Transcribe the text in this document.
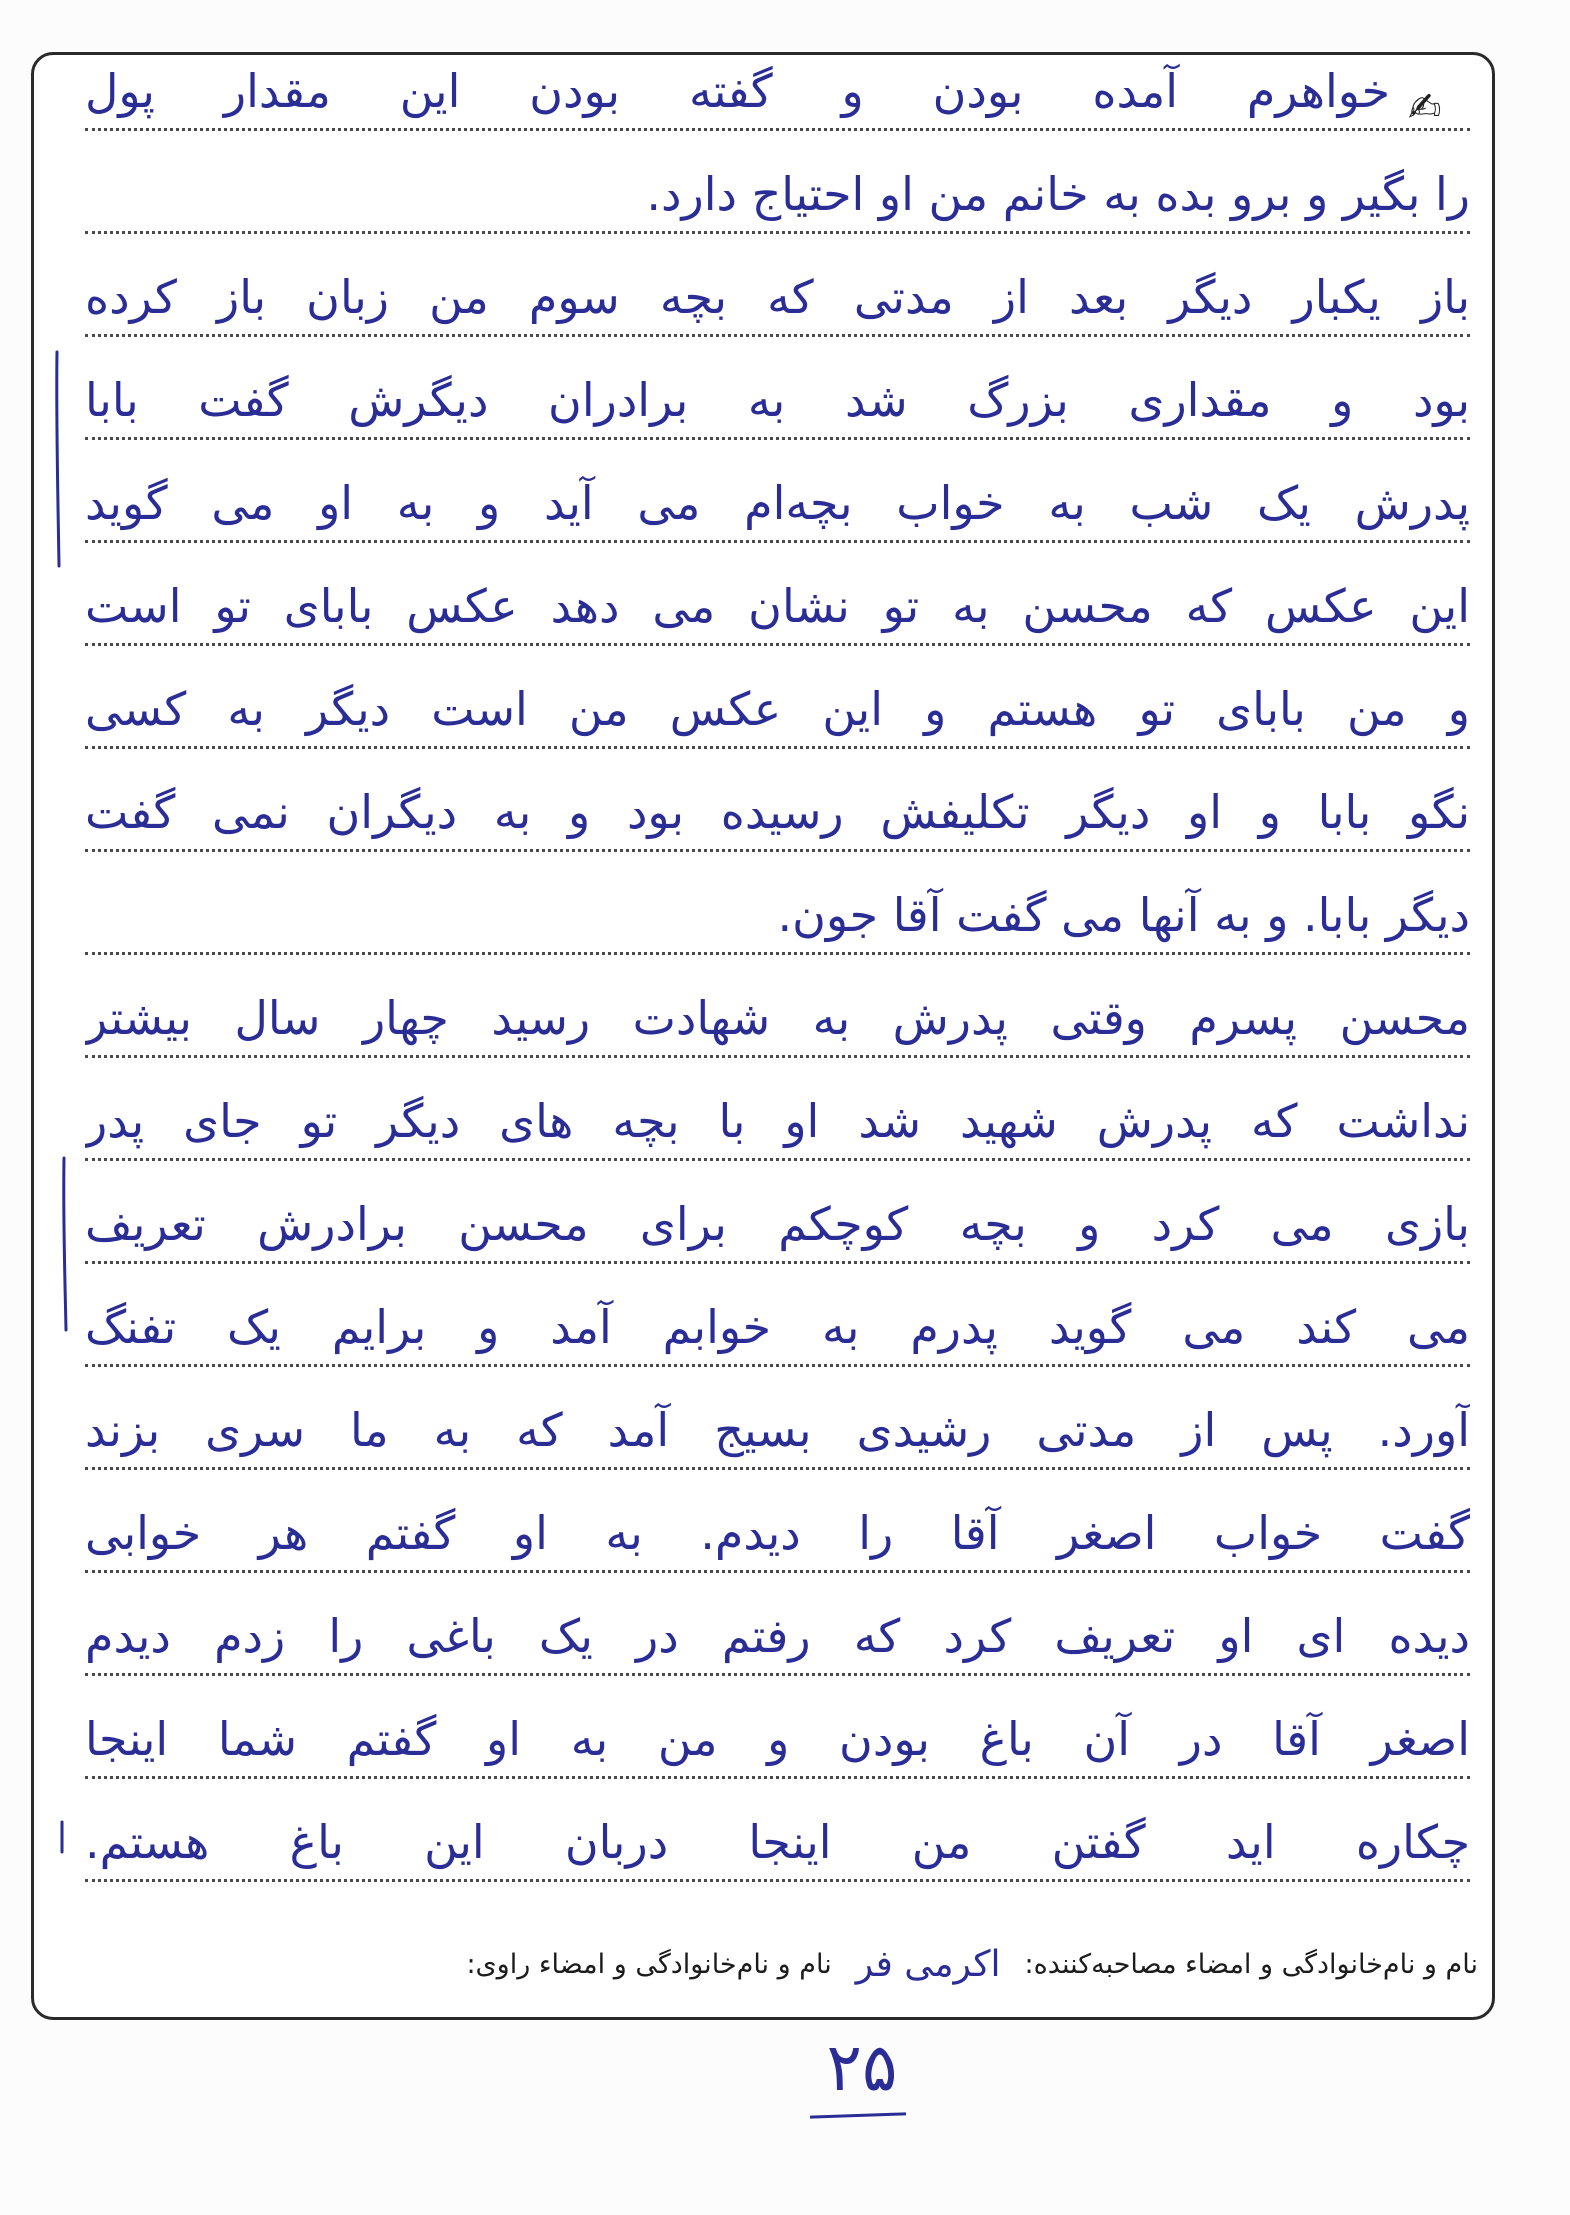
✍
خواهرم آمده بودن و گفته بودن این مقدار پول
را بگیر و برو بده به خانم من او احتیاج دارد.
باز یکبار دیگر بعد از مدتی که بچه سوم من زبان باز کرده
بود و مقداری بزرگ شد به برادران دیگرش گفت بابا
پدرش یک شب به خواب بچه‌ام می آید و به او می گوید
این عکس که محسن به تو نشان می دهد عکس بابای تو است
و من بابای تو هستم و این عکس من است دیگر به کسی
نگو بابا و او دیگر تکلیفش رسیده بود و به دیگران نمی گفت
دیگر بابا. و به آنها می گفت آقا جون.
محسن پسرم وقتی پدرش به شهادت رسید چهار سال بیشتر
نداشت که پدرش شهید شد او با بچه های دیگر تو جای پدر
بازی می کرد و بچه کوچکم برای محسن برادرش تعریف
می کند می گوید پدرم به خوابم آمد و برایم یک تفنگ
آورد. پس از مدتی رشیدی بسیج آمد که به ما سری بزند
گفت خواب اصغر آقا را دیدم. به او گفتم هر خوابی
دیده ای او تعریف کرد که رفتم در یک باغی را زدم دیدم
اصغر آقا در آن باغ بودن و من به او گفتم شما اینجا
چکاره اید گفتن من اینجا دربان این باغ هستم.
نام و نام‌خانوادگی و امضاء مصاحبه‌کننده:
اکرمی فر
نام و نام‌خانوادگی و امضاء راوی:
۲۵
